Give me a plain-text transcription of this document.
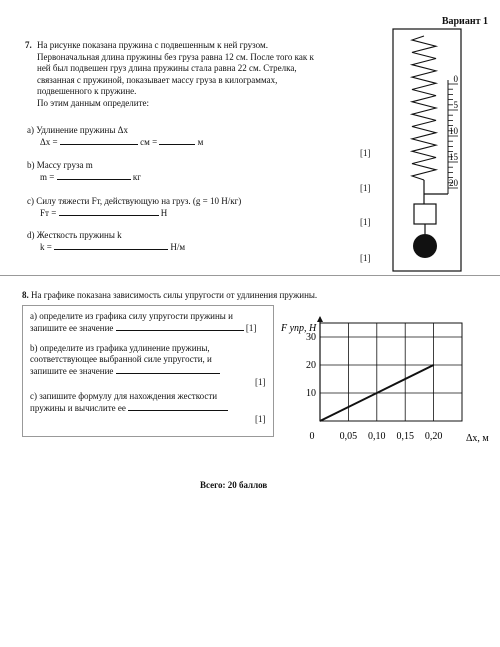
Вариант 1
7. На рисунке показана пружина с подвешенным к ней грузом.
Первоначальная длина пружины без груза равна 12 см. После того как к
ней был подвешен груз длина пружины стала равна 22 см. Стрелка,
связанная с пружиной, показывает массу груза в килограммах,
подвешенного к пружине.
По этим данным определите:
a) Удлинение пружины Δx
Δx =	см =	м
[1]
b) Массу груза m
m =	кг
[1]
c) Силу тяжести Fт, действующую на груз. (g = 10 Н/кг)
Fт =	Н
[1]
d) Жесткость пружины k
k =	Н/м
[1]
0
5
10
15
20
8. На графике показана зависимость силы упругости от удлинения пружины.
а) определите из графика силу упругости пружины и
запишите ее значение	[1]
b) определите из графика удлинение пружины,
соответствующее выбранной силе упругости, и
запишите ее значение
[1]
c) запишите формулу для нахождения жесткости
пружины и вычислите ее
[1]
0	0,05 0,10 0,15 0,20
10
20
30
F упр, Н
Δx, м
Всего: 20 баллов
